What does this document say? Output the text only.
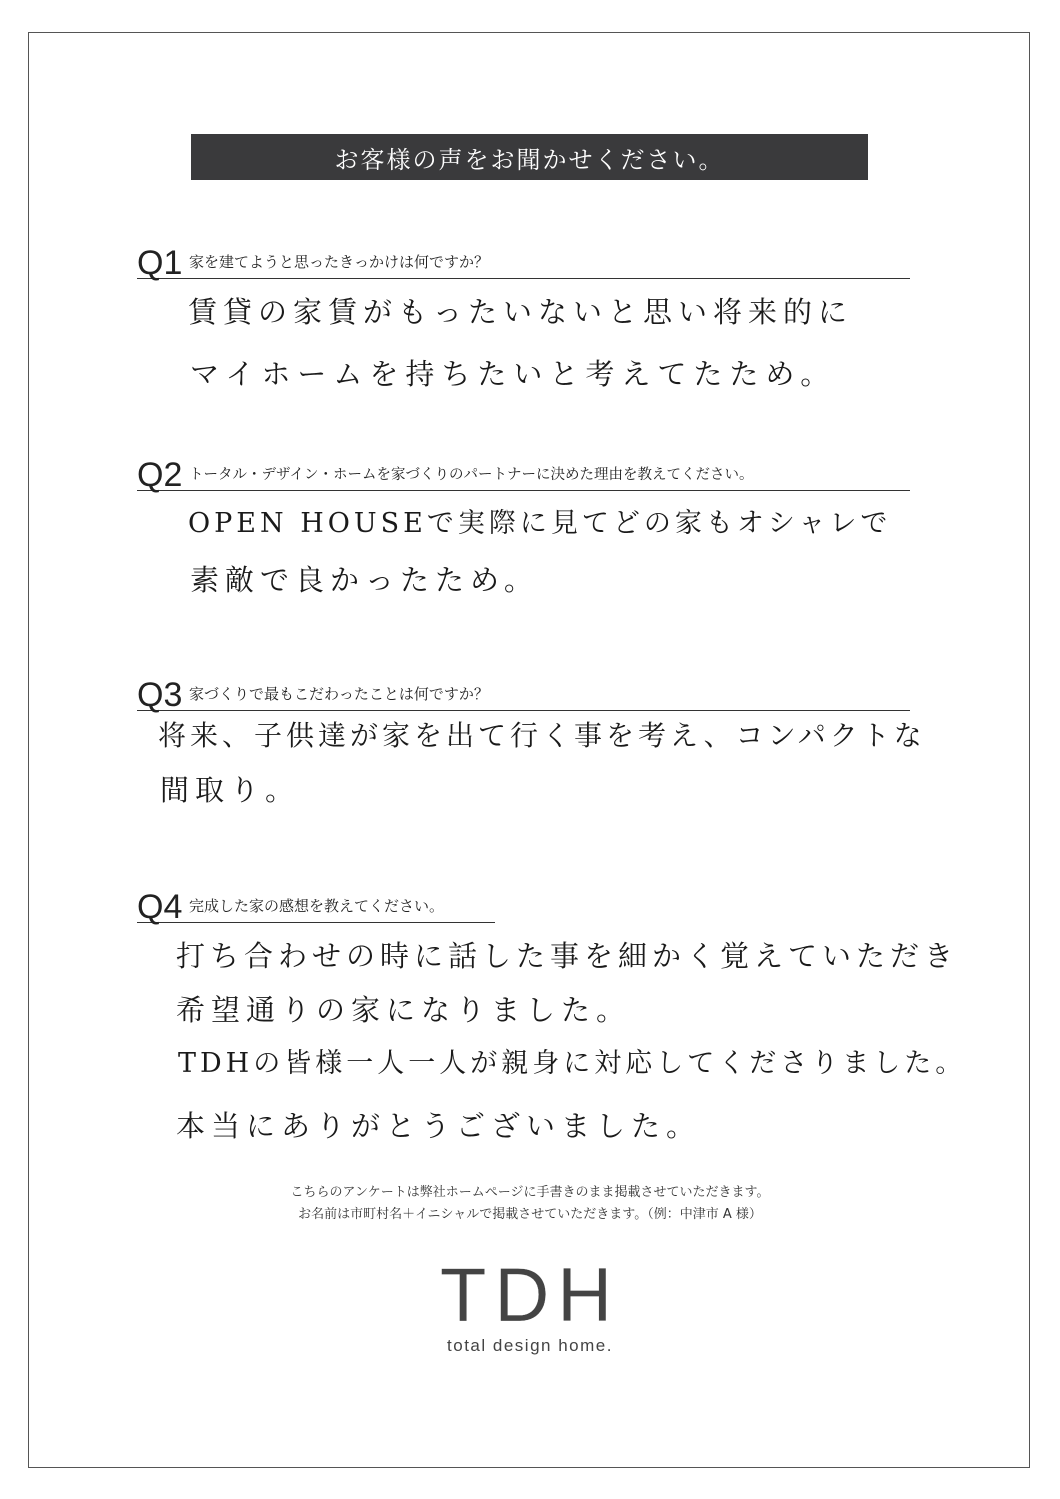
お客様の声をお聞かせください。
Q1 家を建てようと思ったきっかけは何ですか？
賃貸の家賃がもったいないと思い将来的に
マイホームを持ちたいと考えてたため。
Q2 トータル・デザイン・ホームを家づくりのパートナーに決めた理由を教えてください。
OPEN HOUSEで実際に見てどの家もオシャレで
素敵で良かったため。
Q3 家づくりで最もこだわったことは何ですか？
将来、子供達が家を出て行く事を考え、コンパクトな
間取り。
Q4 完成した家の感想を教えてください。
打ち合わせの時に話した事を細かく覚えていただき
希望通りの家になりました。
TDHの皆様一人一人が親身に対応してくださりました。
本当にありがとうございました。
こちらのアンケートは弊社ホームページに手書きのまま掲載させていただきます。
お名前は市町村名＋イニシャルで掲載させていただきます。（例：中津市 A 様）
TDH
total design home.
